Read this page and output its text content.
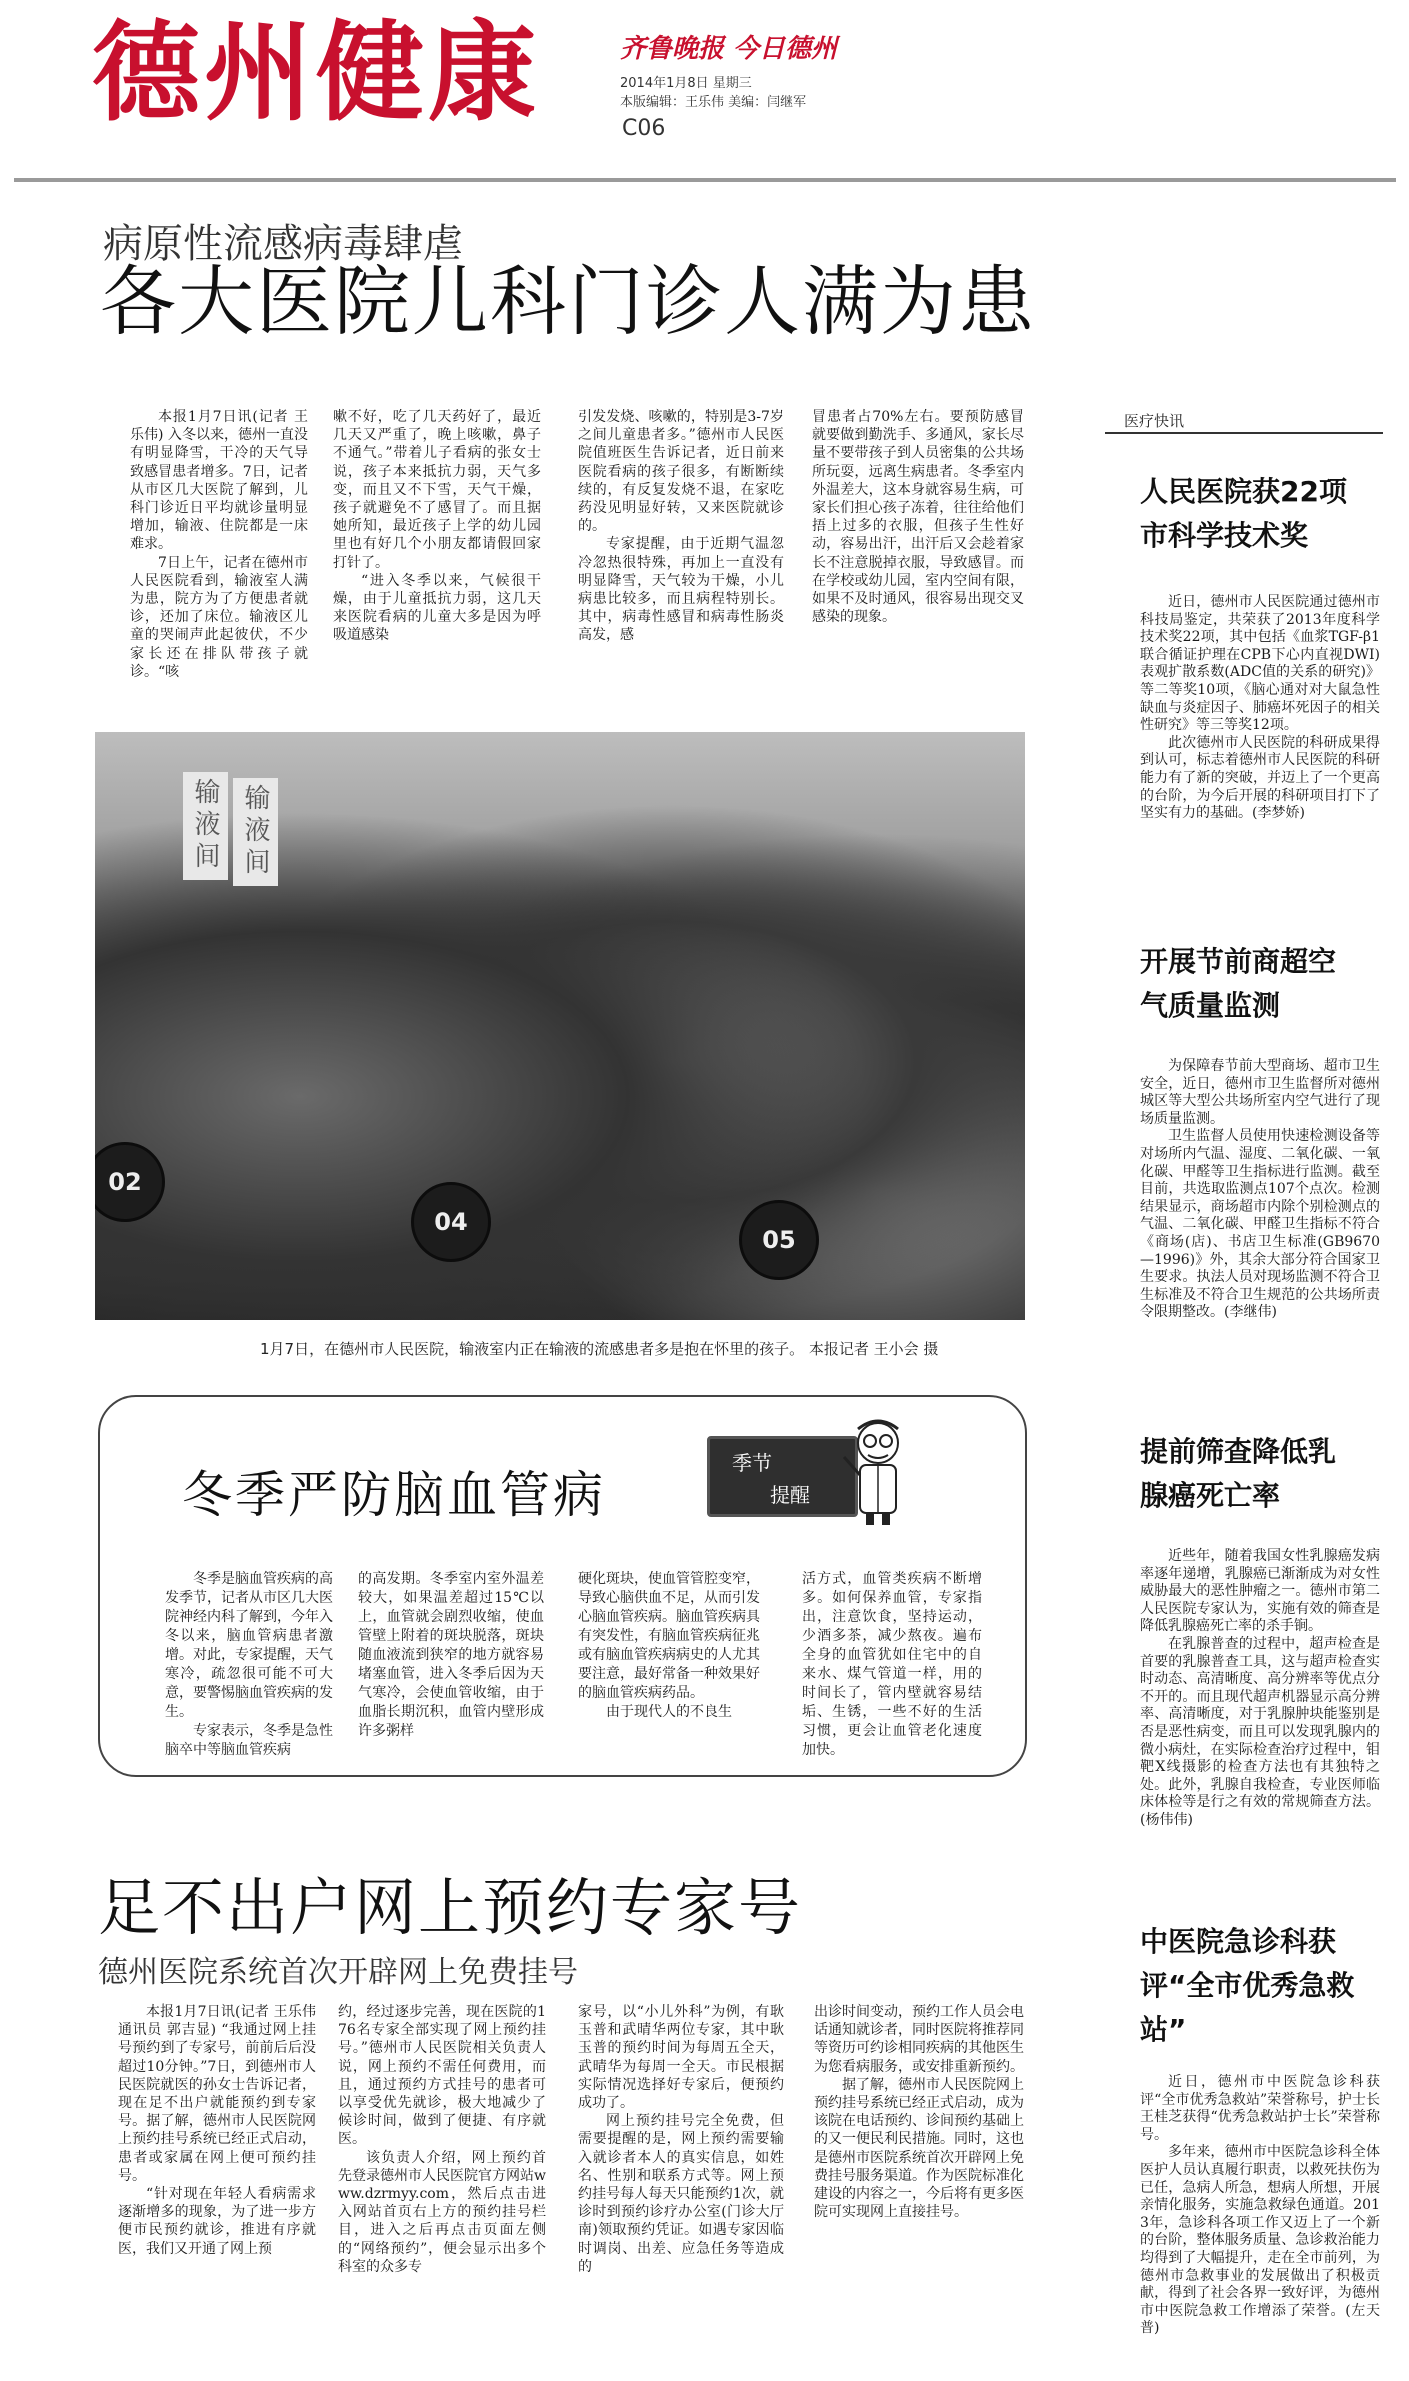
德州健康	齐鲁晚报 今日德州
2014年1月8日 星期三
本版编辑：王乐伟 美编：闫继军
C06
病原性流感病毒肆虐
各大医院儿科门诊人满为患

本报1月7日讯(记者 王乐伟) 入冬以来，德州一直没有明显降雪，干冷的天气导致感冒患者增多。7日，记者从市区几大医院了解到，儿科门诊近日平均就诊量明显增加，输液、住院都是一床难求。

7日上午，记者在德州市人民医院看到，输液室人满为患，院方为了方便患者就诊，还加了床位。输液区儿童的哭闹声此起彼伏，不少家长还在排队带孩子就诊。“咳

嗽不好，吃了几天药好了，最近几天又严重了，晚上咳嗽，鼻子不通气。”带着儿子看病的张女士说，孩子本来抵抗力弱，天气多变，而且又不下雪，天气干燥，孩子就避免不了感冒了。而且据她所知，最近孩子上学的幼儿园里也有好几个小朋友都请假回家打针了。

“进入冬季以来，气候很干燥，由于儿童抵抗力弱，这几天来医院看病的儿童大多是因为呼吸道感染

引发发烧、咳嗽的，特别是3-7岁之间儿童患者多。”德州市人民医院值班医生告诉记者，近日前来医院看病的孩子很多，有断断续续的，有反复发烧不退，在家吃药没见明显好转，又来医院就诊的。

专家提醒，由于近期气温忽冷忽热很特殊，再加上一直没有明显降雪，天气较为干燥，小儿病患比较多，而且病程特别长。其中，病毒性感冒和病毒性肠炎高发，感

冒患者占70%左右。要预防感冒就要做到勤洗手、多通风，家长尽量不要带孩子到人员密集的公共场所玩耍，远离生病患者。冬季室内外温差大，这本身就容易生病，可家长们担心孩子冻着，往往给他们捂上过多的衣服，但孩子生性好动，容易出汗，出汗后又会趁着家长不注意脱掉衣服，导致感冒。而在学校或幼儿园，室内空间有限，如果不及时通风，很容易出现交叉感染的现象。

输液间 输液间
02
04
05
1月7日，在德州市人民医院，输液室内正在输液的流感患者多是抱在怀里的孩子。 本报记者 王小会 摄
冬季严防脑血管病
季节
提醒

冬季是脑血管疾病的高发季节，记者从市区几大医院神经内科了解到，今年入冬以来，脑血管病患者激增。对此，专家提醒，天气寒冷，疏忽很可能不可大意，要警惕脑血管疾病的发生。

专家表示，冬季是急性脑卒中等脑血管疾病

的高发期。冬季室内室外温差较大，如果温差超过15℃以上，血管就会剧烈收缩，使血管壁上附着的斑块脱落，斑块随血液流到狭窄的地方就容易堵塞血管，进入冬季后因为天气寒冷，会使血管收缩，由于血脂长期沉积，血管内壁形成许多粥样

硬化斑块，使血管管腔变窄，导致心脑供血不足，从而引发心脑血管疾病。脑血管疾病具有突发性，有脑血管疾病征兆或有脑血管疾病病史的人尤其要注意，最好常备一种效果好的脑血管疾病药品。

由于现代人的不良生

活方式，血管类疾病不断增多。如何保养血管，专家指出，注意饮食，坚持运动，少酒多茶，减少熬夜。遍布全身的血管犹如住宅中的自来水、煤气管道一样，用的时间长了，管内壁就容易结垢、生锈，一些不好的生活习惯，更会让血管老化速度加快。

足不出户网上预约专家号
德州医院系统首次开辟网上免费挂号

本报1月7日讯(记者 王乐伟 通讯员 郭吉显) “我通过网上挂号预约到了专家号，前前后后没超过10分钟。”7日，到德州市人民医院就医的孙女士告诉记者，现在足不出户就能预约到专家号。据了解，德州市人民医院网上预约挂号系统已经正式启动，患者或家属在网上便可预约挂号。

“针对现在年轻人看病需求逐渐增多的现象，为了进一步方便市民预约就诊，推进有序就医，我们又开通了网上预

约，经过逐步完善，现在医院的176名专家全部实现了网上预约挂号。”德州市人民医院相关负责人说，网上预约不需任何费用，而且，通过预约方式挂号的患者可以享受优先就诊，极大地减少了候诊时间，做到了便捷、有序就医。

该负责人介绍，网上预约首先登录德州市人民医院官方网站www.dzrmyy.com，然后点击进入网站首页右上方的预约挂号栏目，进入之后再点击页面左侧的“网络预约”，便会显示出多个科室的众多专

家号，以“小儿外科”为例，有耿玉普和武晴华两位专家，其中耿玉普的预约时间为每周五全天，武晴华为每周一全天。市民根据实际情况选择好专家后，便预约成功了。

网上预约挂号完全免费，但需要提醒的是，网上预约需要输入就诊者本人的真实信息，如姓名、性别和联系方式等。网上预约挂号每人每天只能预约1次，就诊时到预约诊疗办公室(门诊大厅南)领取预约凭证。如遇专家因临时调岗、出差、应急任务等造成的

出诊时间变动，预约工作人员会电话通知就诊者，同时医院将推荐同等资历可约诊相同疾病的其他医生为您看病服务，或安排重新预约。

据了解，德州市人民医院网上预约挂号系统已经正式启动，成为该院在电话预约、诊间预约基础上的又一便民利民措施。同时，这也是德州市医院系统首次开辟网上免费挂号服务渠道。作为医院标准化建设的内容之一，今后将有更多医院可实现网上直接挂号。

医疗快讯
人民医院获22项市科学技术奖

近日，德州市人民医院通过德州市科技局鉴定，共荣获了2013年度科学技术奖22项，其中包括《血浆TGF-β1联合循证护理在CPB下心内直视DWI)表观扩散系数(ADC值的关系的研究)》等二等奖10项，《脑心通对对大鼠急性缺血与炎症因子、肺癌坏死因子的相关性研究》等三等奖12项。

此次德州市人民医院的科研成果得到认可，标志着德州市人民医院的科研能力有了新的突破，并迈上了一个更高的台阶，为今后开展的科研项目打下了坚实有力的基础。(李梦娇)

开展节前商超空气质量监测

为保障春节前大型商场、超市卫生安全，近日，德州市卫生监督所对德州城区等大型公共场所室内空气进行了现场质量监测。

卫生监督人员使用快速检测设备等对场所内气温、湿度、二氧化碳、一氧化碳、甲醛等卫生指标进行监测。截至目前，共选取监测点107个点次。检测结果显示，商场超市内除个别检测点的气温、二氧化碳、甲醛卫生指标不符合《商场(店)、书店卫生标准(GB9670—1996)》外，其余大部分符合国家卫生要求。执法人员对现场监测不符合卫生标准及不符合卫生规范的公共场所责令限期整改。(李继伟)

提前筛查降低乳腺癌死亡率

近些年，随着我国女性乳腺癌发病率逐年递增，乳腺癌已渐渐成为对女性威胁最大的恶性肿瘤之一。德州市第二人民医院专家认为，实施有效的筛查是降低乳腺癌死亡率的杀手锏。

在乳腺普查的过程中，超声检查是首要的乳腺普查工具，这与超声检查实时动态、高清晰度、高分辨率等优点分不开的。而且现代超声机器显示高分辨率、高清晰度，对于乳腺肿块能鉴别是否是恶性病变，而且可以发现乳腺内的微小病灶，在实际检查治疗过程中，钼靶X线摄影的检查方法也有其独特之处。此外，乳腺自我检查，专业医师临床体检等是行之有效的常规筛查方法。(杨伟伟)

中医院急诊科获评“全市优秀急救站”

近日，德州市中医院急诊科获评“全市优秀急救站”荣誉称号，护士长王桂芝获得“优秀急救站护士长”荣誉称号。

多年来，德州市中医院急诊科全体医护人员认真履行职责，以救死扶伤为已任，急病人所急，想病人所想，开展亲情化服务，实施急救绿色通道。2013年，急诊科各项工作又迈上了一个新的台阶，整体服务质量、急诊救治能力均得到了大幅提升，走在全市前列，为德州市急救事业的发展做出了积极贡献，得到了社会各界一致好评，为德州市中医院急救工作增添了荣誉。(左天普)
